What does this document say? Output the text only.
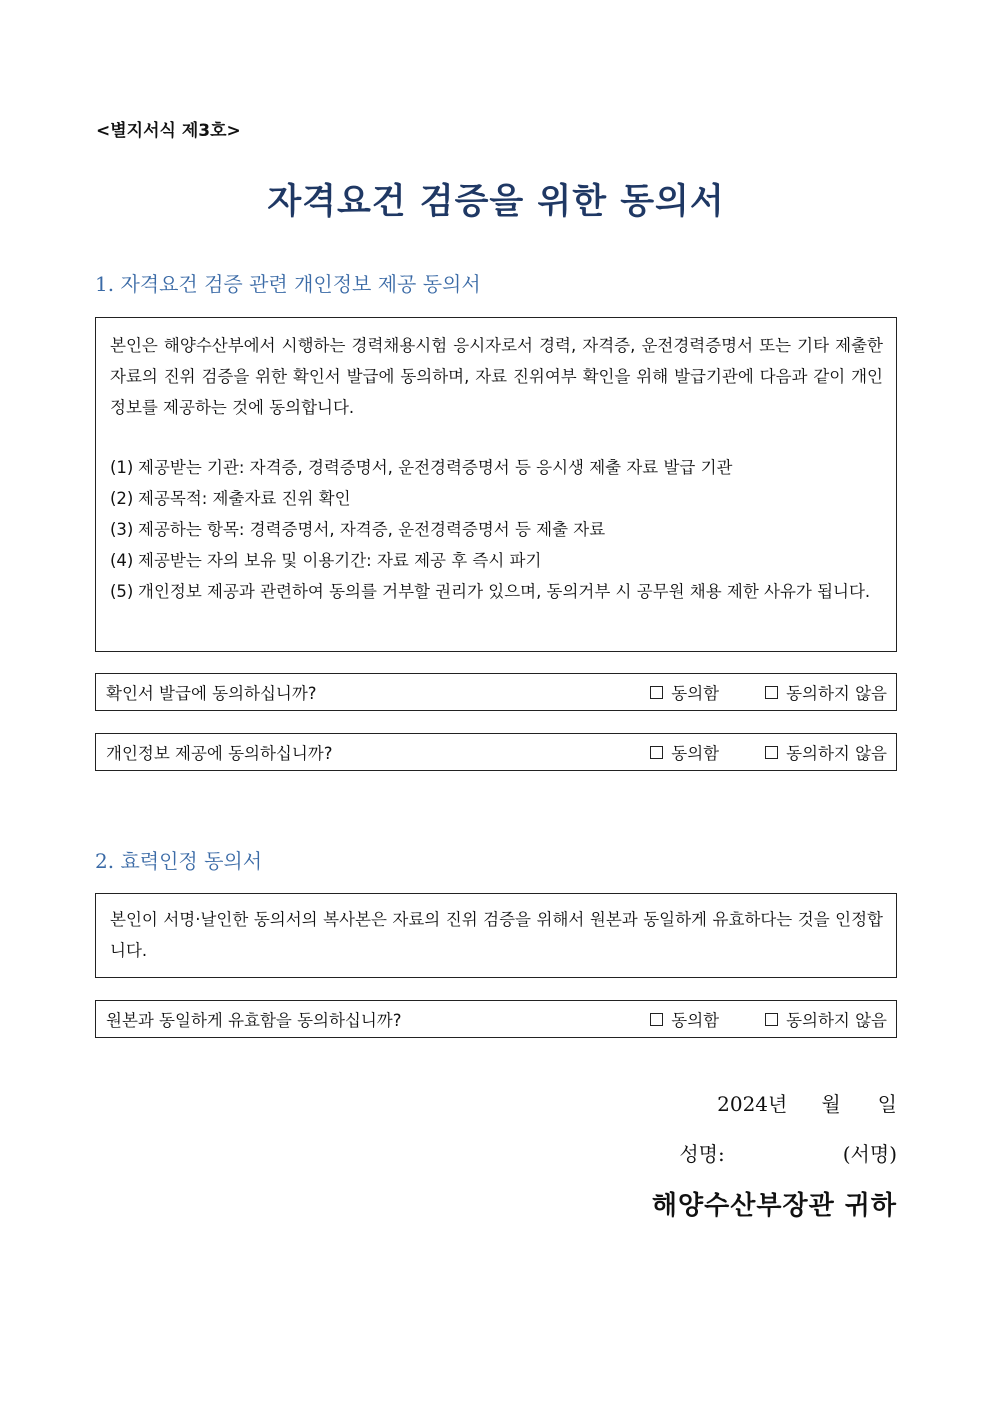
<별지서식 제3호>

자격요건 검증을 위한 동의서
1. 자격요건 검증 관련 개인정보 제공 동의서

본인은 해양수산부에서 시행하는 경력채용시험 응시자로서 경력, 자격증, 운전경력증명서 또는 기타 제출한 자료의 진위 검증을 위한 확인서 발급에 동의하며, 자료 진위여부 확인을 위해 발급기관에 다음과 같이 개인정보를 제공하는 것에 동의합니다.

(1) 제공받는 기관: 자격증, 경력증명서, 운전경력증명서 등 응시생 제출 자료 발급 기관
(2) 제공목적: 제출자료 진위 확인
(3) 제공하는 항목: 경력증명서, 자격증, 운전경력증명서 등 제출 자료
(4) 제공받는 자의 보유 및 이용기간: 자료 제공 후 즉시 파기
(5) 개인정보 제공과 관련하여 동의를 거부할 권리가 있으며, 동의거부 시 공무원 채용 제한 사유가 됩니다.
확인서 발급에 동의하십니까?	동의함	동의하지 않음
개인정보 제공에 동의하십니까?	동의함	동의하지 않음
2. 효력인정 동의서

본인이 서명·날인한 동의서의 복사본은 자료의 진위 검증을 위해서 원본과 동일하게 유효하다는 것을 인정합니다.

원본과 동일하게 유효함을 동의하십니까?	동의함	동의하지 않음

2024년 월 일

성명:	(서명)

해양수산부장관 귀하
